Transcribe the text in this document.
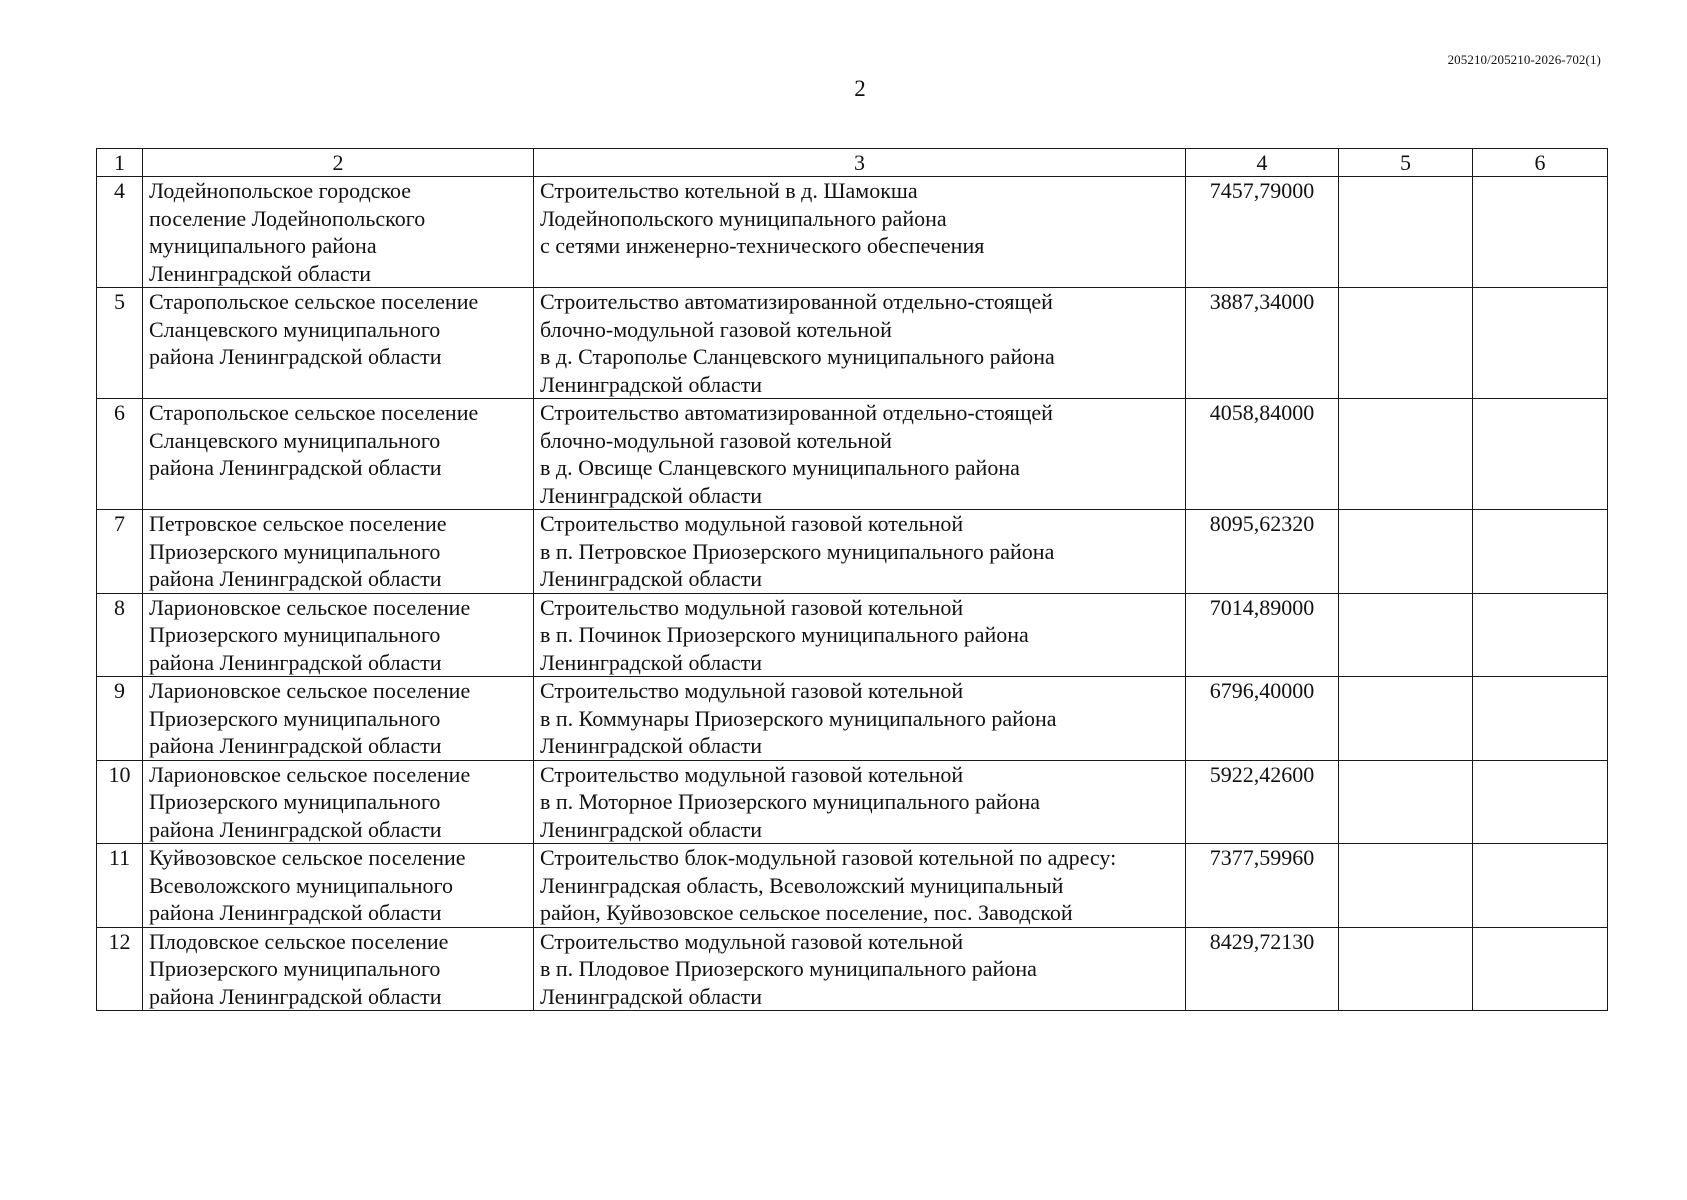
205210/205210-2026-702(1)
2
1	2	3	4	5	6
4	Лодейнопольское городское
поселение Лодейнопольского
муниципального района
Ленинградской области	Строительство котельной в д. Шамокша
Лодейнопольского муниципального района
с сетями инженерно-технического обеспечения	7457,79000		
5	Старопольское сельское поселение
Сланцевского муниципального
района Ленинградской области	Строительство автоматизированной отдельно-стоящей
блочно-модульной газовой котельной
в д. Старополье Сланцевского муниципального района
Ленинградской области	3887,34000		
6	Старопольское сельское поселение
Сланцевского муниципального
района Ленинградской области	Строительство автоматизированной отдельно-стоящей
блочно-модульной газовой котельной
в д. Овсище Сланцевского муниципального района
Ленинградской области	4058,84000		
7	Петровское сельское поселение
Приозерского муниципального
района Ленинградской области	Строительство модульной газовой котельной
в п. Петровское Приозерского муниципального района
Ленинградской области	8095,62320		
8	Ларионовское сельское поселение
Приозерского муниципального
района Ленинградской области	Строительство модульной газовой котельной
в п. Починок Приозерского муниципального района
Ленинградской области	7014,89000		
9	Ларионовское сельское поселение
Приозерского муниципального
района Ленинградской области	Строительство модульной газовой котельной
в п. Коммунары Приозерского муниципального района
Ленинградской области	6796,40000		
10	Ларионовское сельское поселение
Приозерского муниципального
района Ленинградской области	Строительство модульной газовой котельной
в п. Моторное Приозерского муниципального района
Ленинградской области	5922,42600		
11	Куйвозовское сельское поселение
Всеволожского муниципального
района Ленинградской области	Строительство блок-модульной газовой котельной по адресу:
Ленинградская область, Всеволожский муниципальный
район, Куйвозовское сельское поселение, пос. Заводской	7377,59960		
12	Плодовское сельское поселение
Приозерского муниципального
района Ленинградской области	Строительство модульной газовой котельной
в п. Плодовое Приозерского муниципального района
Ленинградской области	8429,72130		
